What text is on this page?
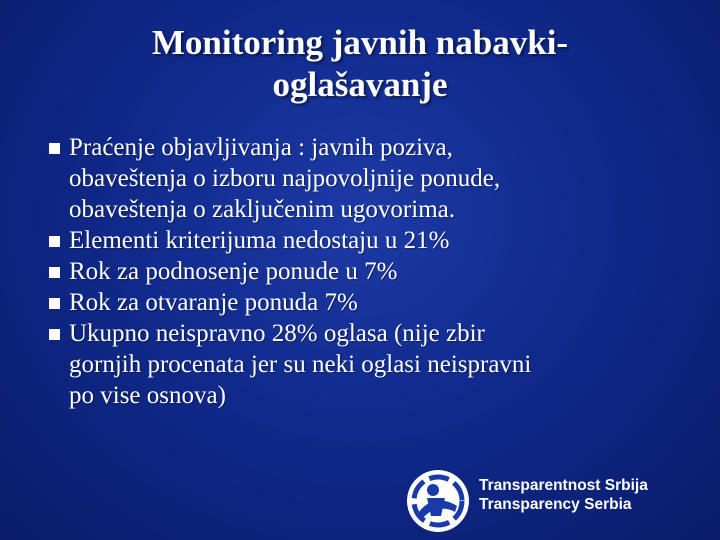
Monitoring javnih nabavki-
oglašavanje
Praćenje objavljivanja : javnih poziva,
obaveštenja o izboru najpovoljnije ponude,
obaveštenja o zaključenim ugovorima.
Elementi kriterijuma nedostaju u 21%
Rok za podnosenje ponude u 7%
Rok za otvaranje ponuda 7%
Ukupno neispravno 28% oglasa (nije zbir
gornjih procenata jer su neki oglasi neispravni
po vise osnova)
Transparentnost Srbija
Transparency Serbia
